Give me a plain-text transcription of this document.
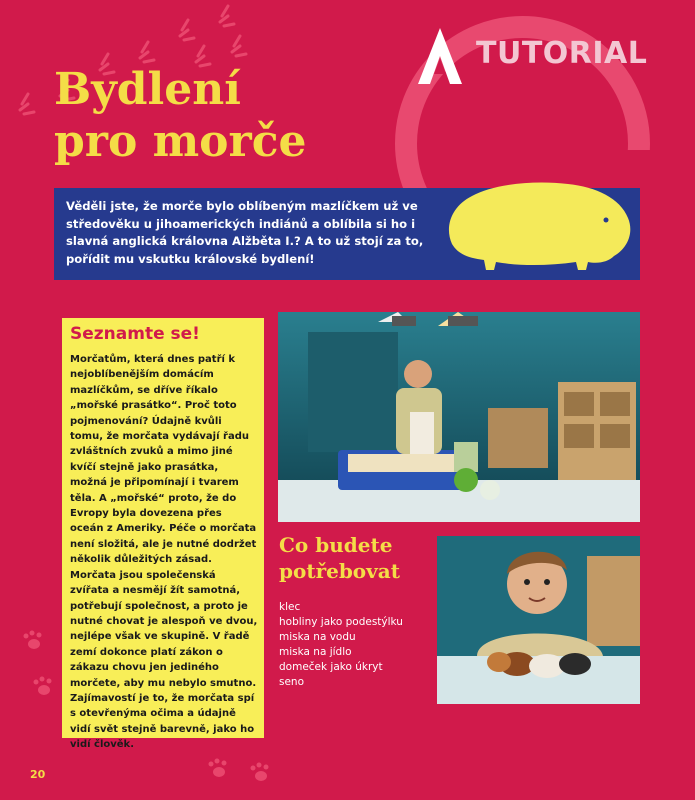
TUTORIAL
Bydlení
pro morče
Věděli jste, že morče bylo oblíbeným mazlíčkem už ve středověku u jihoamerických indiánů a oblíbila si ho i slavná anglická královna Alžběta I.? A to už stojí za to, pořídit mu vskutku královské bydlení!
Seznamte se!
Morčatům, která dnes patří k nejoblíbenějším domácím mazlíčkům, se dříve říkalo „mořské prasátko“. Proč toto pojmenování? Údajně kvůli tomu, že morčata vydávají řadu zvláštních zvuků a mimo jiné kvíčí stejně jako prasátka, možná je připomínají i tvarem těla. A „mořské“ proto, že do Evropy byla dovezena přes oceán z Ameriky. Péče o morčata není složitá, ale je nutné dodržet několik důležitých zásad. Morčata jsou společenská zvířata a nesmějí žít samotná, potřebují společnost, a proto je nutné chovat je alespoň ve dvou, nejlépe však ve skupině. V řadě zemí dokonce platí zákon o zákazu chovu jen jediného morčete, aby mu nebylo smutno. Zajímavostí je to, že morčata spí s otevřenýma očima a údajně vidí svět stejně barevně, jako ho vidí člověk.
Co budete potřebovat
klec
hobliny jako podestýlku
miska na vodu
miska na jídlo
domeček jako úkryt
seno
20
